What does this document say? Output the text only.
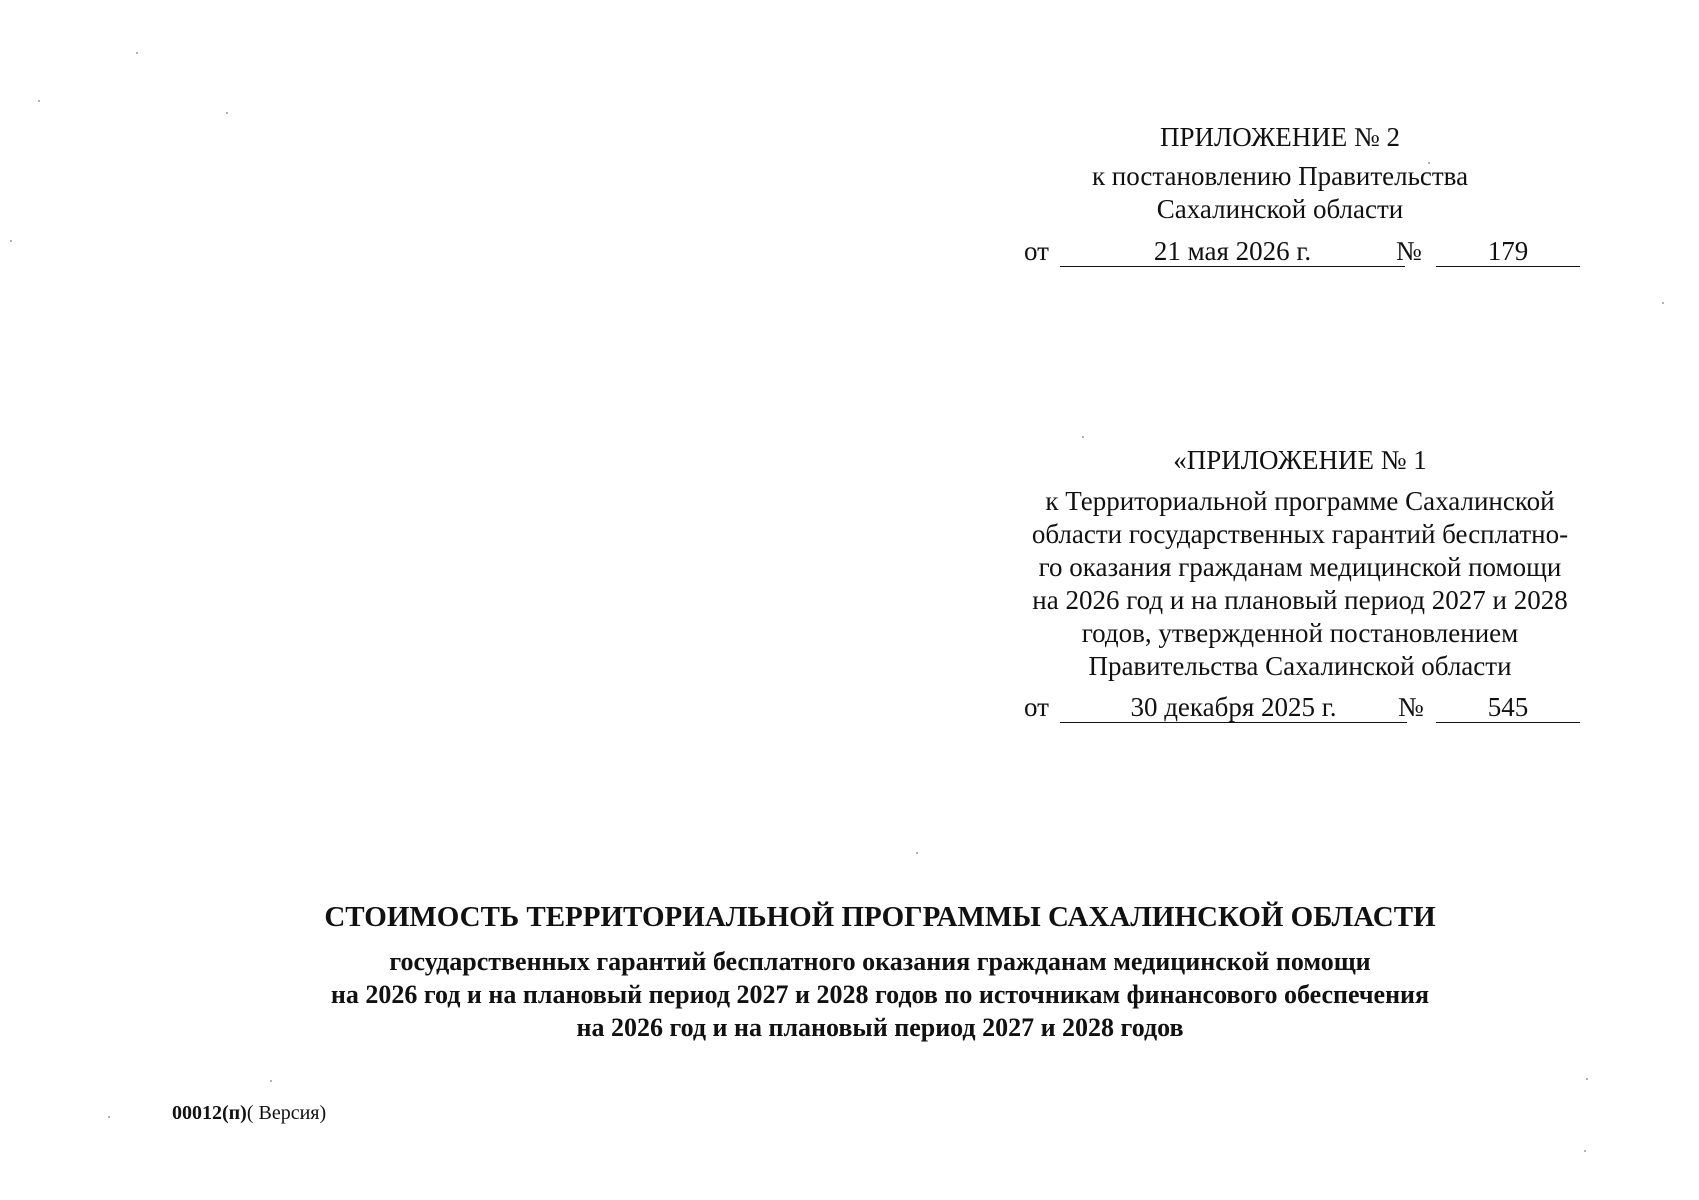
ПРИЛОЖЕНИЕ № 2
к постановлению Правительства
Сахалинской области
от	21 мая 2026 г.	№	179
«ПРИЛОЖЕНИЕ № 1
к Территориальной программе Сахалинской
области государственных гарантий бесплатно-
го оказания гражданам медицинской помощи
на 2026 год и на плановый период 2027 и 2028
годов, утвержденной постановлением
Правительства Сахалинской области
от	30 декабря 2025 г.	№	545
СТОИМОСТЬ ТЕРРИТОРИАЛЬНОЙ ПРОГРАММЫ САХАЛИНСКОЙ ОБЛАСТИ
государственных гарантий бесплатного оказания гражданам медицинской помощи
на 2026 год и на плановый период 2027 и 2028 годов по источникам финансового обеспечения
на 2026 год и на плановый период 2027 и 2028 годов
00012(п)( Версия)
